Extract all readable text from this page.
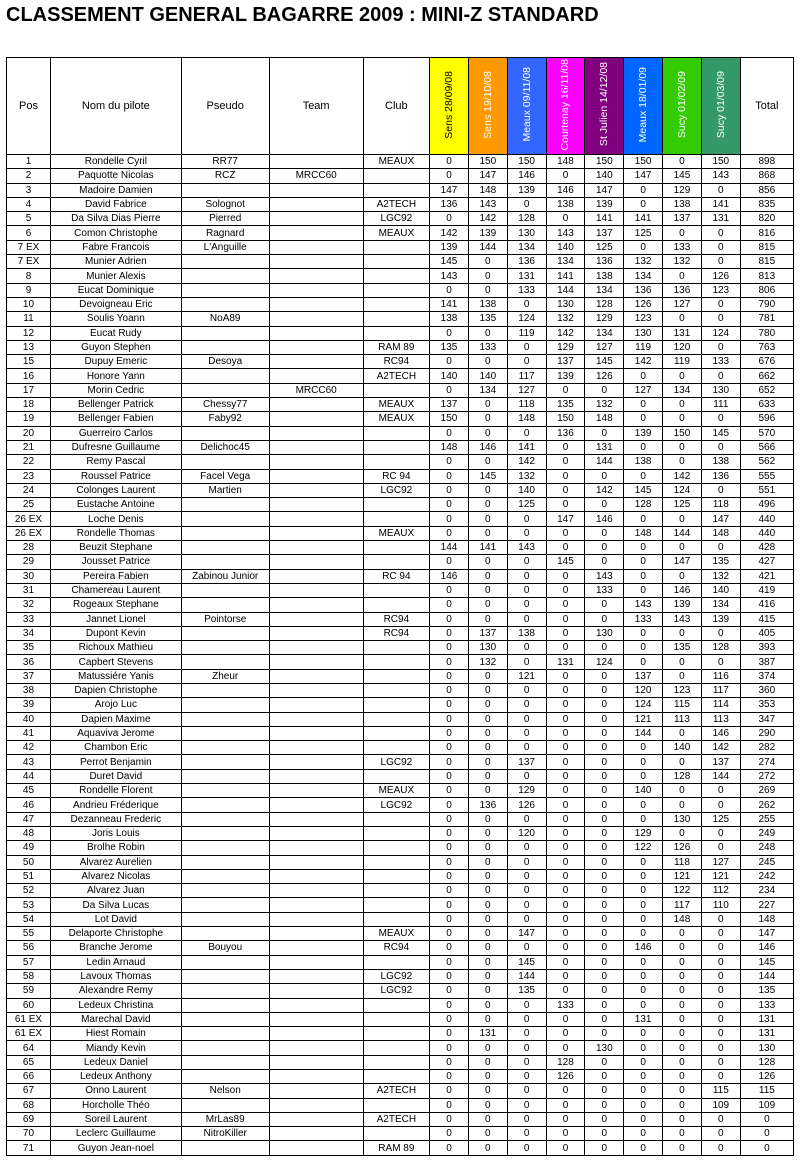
CLASSEMENT GENERAL BAGARRE 2009 : MINI-Z STANDARD
Pos	Nom du pilote	Pseudo	Team	Club	Sens 28/09/08	Sens 19/10/08	Meaux 09/11/08	Courtenay 16/11/08	St Julien 14/12/08	Meaux 18/01/09	Sucy 01/02/09	Sucy 01/03/09	Total
1	Rondelle Cyril	RR77		MEAUX	0	150	150	148	150	150	0	150	898
2	Paquotte Nicolas	RCZ	MRCC60		0	147	146	0	140	147	145	143	868
3	Madoire Damien				147	148	139	146	147	0	129	0	856
4	David Fabrice	Solognot		A2TECH	136	143	0	138	139	0	138	141	835
5	Da Silva Dias Pierre	Pierred		LGC92	0	142	128	0	141	141	137	131	820
6	Comon Christophe	Ragnard		MEAUX	142	139	130	143	137	125	0	0	816
7 EX	Fabre Francois	L'Anguille			139	144	134	140	125	0	133	0	815
7 EX	Munier Adrien				145	0	136	134	136	132	132	0	815
8	Munier Alexis				143	0	131	141	138	134	0	126	813
9	Eucat Dominique				0	0	133	144	134	136	136	123	806
10	Devoigneau Eric				141	138	0	130	128	126	127	0	790
11	Soulis Yoann	NoA89			138	135	124	132	129	123	0	0	781
12	Eucat Rudy				0	0	119	142	134	130	131	124	780
13	Guyon Stephen			RAM 89	135	133	0	129	127	119	120	0	763
15	Dupuy Emeric	Desoya		RC94	0	0	0	137	145	142	119	133	676
16	Honore Yann			A2TECH	140	140	117	139	126	0	0	0	662
17	Morin Cedric		MRCC60		0	134	127	0	0	127	134	130	652
18	Bellenger Patrick	Chessy77		MEAUX	137	0	118	135	132	0	0	111	633
19	Bellenger Fabien	Faby92		MEAUX	150	0	148	150	148	0	0	0	596
20	Guerreiro Carlos				0	0	0	136	0	139	150	145	570
21	Dufresne Guillaume	Delichoc45			148	146	141	0	131	0	0	0	566
22	Remy Pascal				0	0	142	0	144	138	0	138	562
23	Roussel Patrice	Facel Vega		RC 94	0	145	132	0	0	0	142	136	555
24	Colonges Laurent	Martien		LGC92	0	0	140	0	142	145	124	0	551
25	Eustache Antoine				0	0	125	0	0	128	125	118	496
26 EX	Loche Denis				0	0	0	147	146	0	0	147	440
26 EX	Rondelle Thomas			MEAUX	0	0	0	0	0	148	144	148	440
28	Beuzit Stephane				144	141	143	0	0	0	0	0	428
29	Jousset Patrice				0	0	0	145	0	0	147	135	427
30	Pereira Fabien	Zabinou Junior		RC 94	146	0	0	0	143	0	0	132	421
31	Chamereau Laurent				0	0	0	0	133	0	146	140	419
32	Rogeaux Stephane				0	0	0	0	0	143	139	134	416
33	Jannet Lionel	Pointorse		RC94	0	0	0	0	0	133	143	139	415
34	Dupont Kevin			RC94	0	137	138	0	130	0	0	0	405
35	Richoux Mathieu				0	130	0	0	0	0	135	128	393
36	Capbert Stevens				0	132	0	131	124	0	0	0	387
37	Matussiére Yanis	Zheur			0	0	121	0	0	137	0	116	374
38	Dapien Christophe				0	0	0	0	0	120	123	117	360
39	Arojo Luc				0	0	0	0	0	124	115	114	353
40	Dapien Maxime				0	0	0	0	0	121	113	113	347
41	Aquaviva Jerome				0	0	0	0	0	144	0	146	290
42	Chambon Eric				0	0	0	0	0	0	140	142	282
43	Perrot Benjamin			LGC92	0	0	137	0	0	0	0	137	274
44	Duret David				0	0	0	0	0	0	128	144	272
45	Rondelle Florent			MEAUX	0	0	129	0	0	140	0	0	269
46	Andrieu Fréderique			LGC92	0	136	126	0	0	0	0	0	262
47	Dezanneau Frederic				0	0	0	0	0	0	130	125	255
48	Joris Louis				0	0	120	0	0	129	0	0	249
49	Brolhe Robin				0	0	0	0	0	122	126	0	248
50	Alvarez Aurelien				0	0	0	0	0	0	118	127	245
51	Alvarez Nicolas				0	0	0	0	0	0	121	121	242
52	Alvarez Juan				0	0	0	0	0	0	122	112	234
53	Da Silva Lucas				0	0	0	0	0	0	117	110	227
54	Lot David				0	0	0	0	0	0	148	0	148
55	Delaporte Christophe			MEAUX	0	0	147	0	0	0	0	0	147
56	Branche Jerome	Bouyou		RC94	0	0	0	0	0	146	0	0	146
57	Ledin Arnaud				0	0	145	0	0	0	0	0	145
58	Lavoux Thomas			LGC92	0	0	144	0	0	0	0	0	144
59	Alexandre Remy			LGC92	0	0	135	0	0	0	0	0	135
60	Ledeux Christina				0	0	0	133	0	0	0	0	133
61 EX	Marechal David				0	0	0	0	0	131	0	0	131
61 EX	Hiest Romain				0	131	0	0	0	0	0	0	131
64	Miandy Kevin				0	0	0	0	130	0	0	0	130
65	Ledeux Daniel				0	0	0	128	0	0	0	0	128
66	Ledeux Anthony				0	0	0	126	0	0	0	0	126
67	Onno Laurent	Nelson		A2TECH	0	0	0	0	0	0	0	115	115
68	Horcholle Théo				0	0	0	0	0	0	0	109	109
69	Soreil Laurent	MrLas89		A2TECH	0	0	0	0	0	0	0	0	0
70	Leclerc Guillaume	NitroKiller			0	0	0	0	0	0	0	0	0
71	Guyon Jean-noel			RAM 89	0	0	0	0	0	0	0	0	0
